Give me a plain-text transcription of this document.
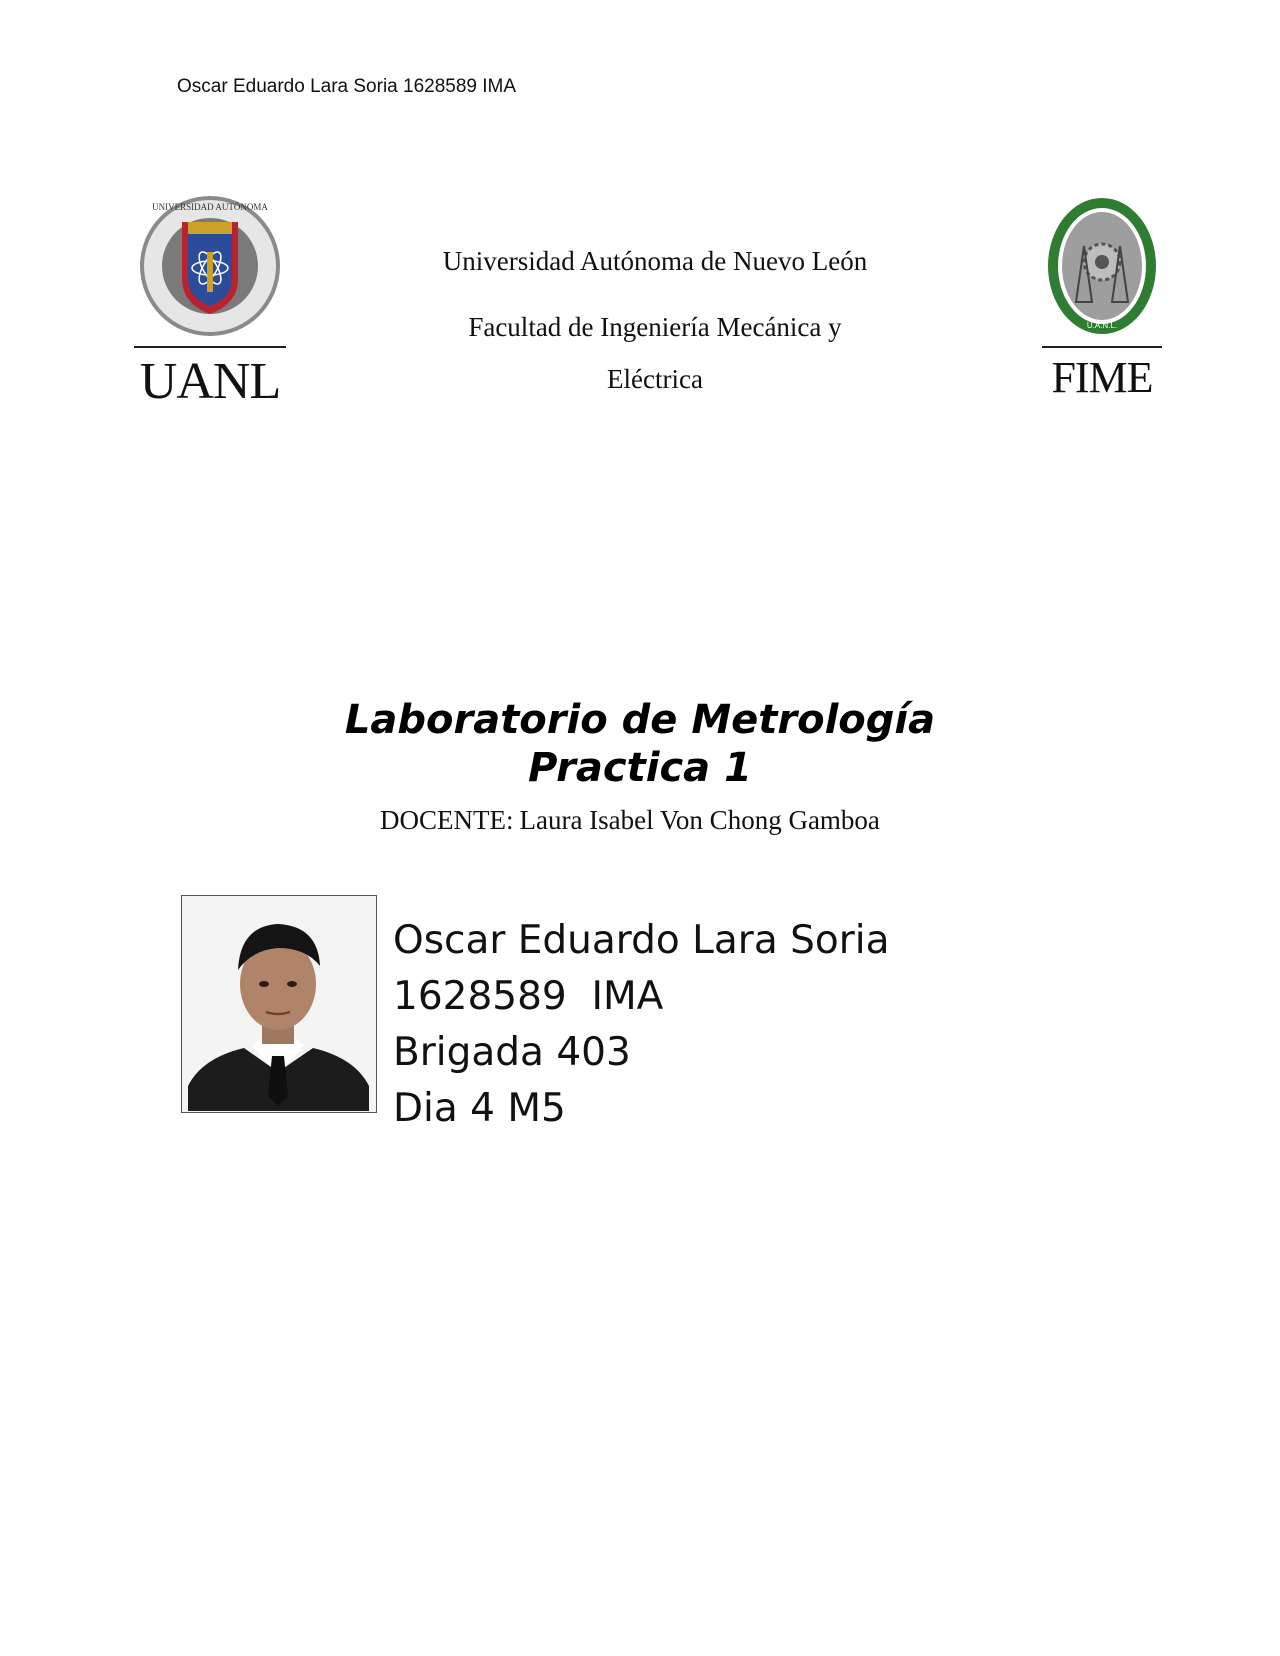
Oscar Eduardo Lara Soria 1628589 IMA
UNIVERSIDAD AUTÓNOMA
UANL
U.A.N.L.
FIME
Universidad Autónoma de Nuevo León
Facultad de Ingeniería Mecánica y
Eléctrica
Laboratorio de Metrología
Practica 1
DOCENTE: Laura Isabel Von Chong Gamboa
Oscar Eduardo Lara Soria
1628589  IMA
Brigada 403
Dia 4 M5
